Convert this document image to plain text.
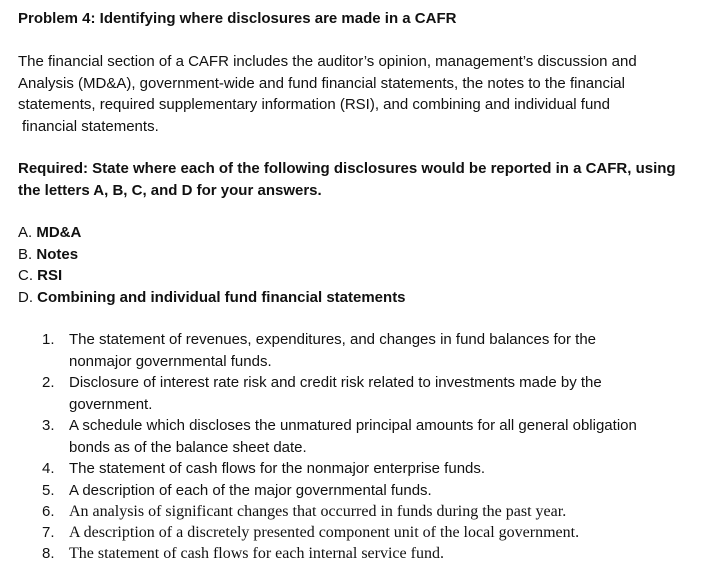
Problem 4: Identifying where disclosures are made in a CAFR

The financial section of a CAFR includes the auditor’s opinion, management’s discussion and
Analysis (MD&A), government-wide and fund financial statements, the notes to the financial
statements, required supplementary information (RSI), and combining and individual fund
financial statements.

Required: State where each of the following disclosures would be reported in a CAFR, using
the letters A, B, C, and D for your answers.

A. MD&A
B. Notes
C. RSI
D. Combining and individual fund financial statements
1. The statement of revenues, expenditures, and changes in fund balances for the
nonmajor governmental funds.
2. Disclosure of interest rate risk and credit risk related to investments made by the
government.
3. A schedule which discloses the unmatured principal amounts for all general obligation
bonds as of the balance sheet date.
4. The statement of cash flows for the nonmajor enterprise funds.
5. A description of each of the major governmental funds.
6. An analysis of significant changes that occurred in funds during the past year.
7. A description of a discretely presented component unit of the local government.
8. The statement of cash flows for each internal service fund.
